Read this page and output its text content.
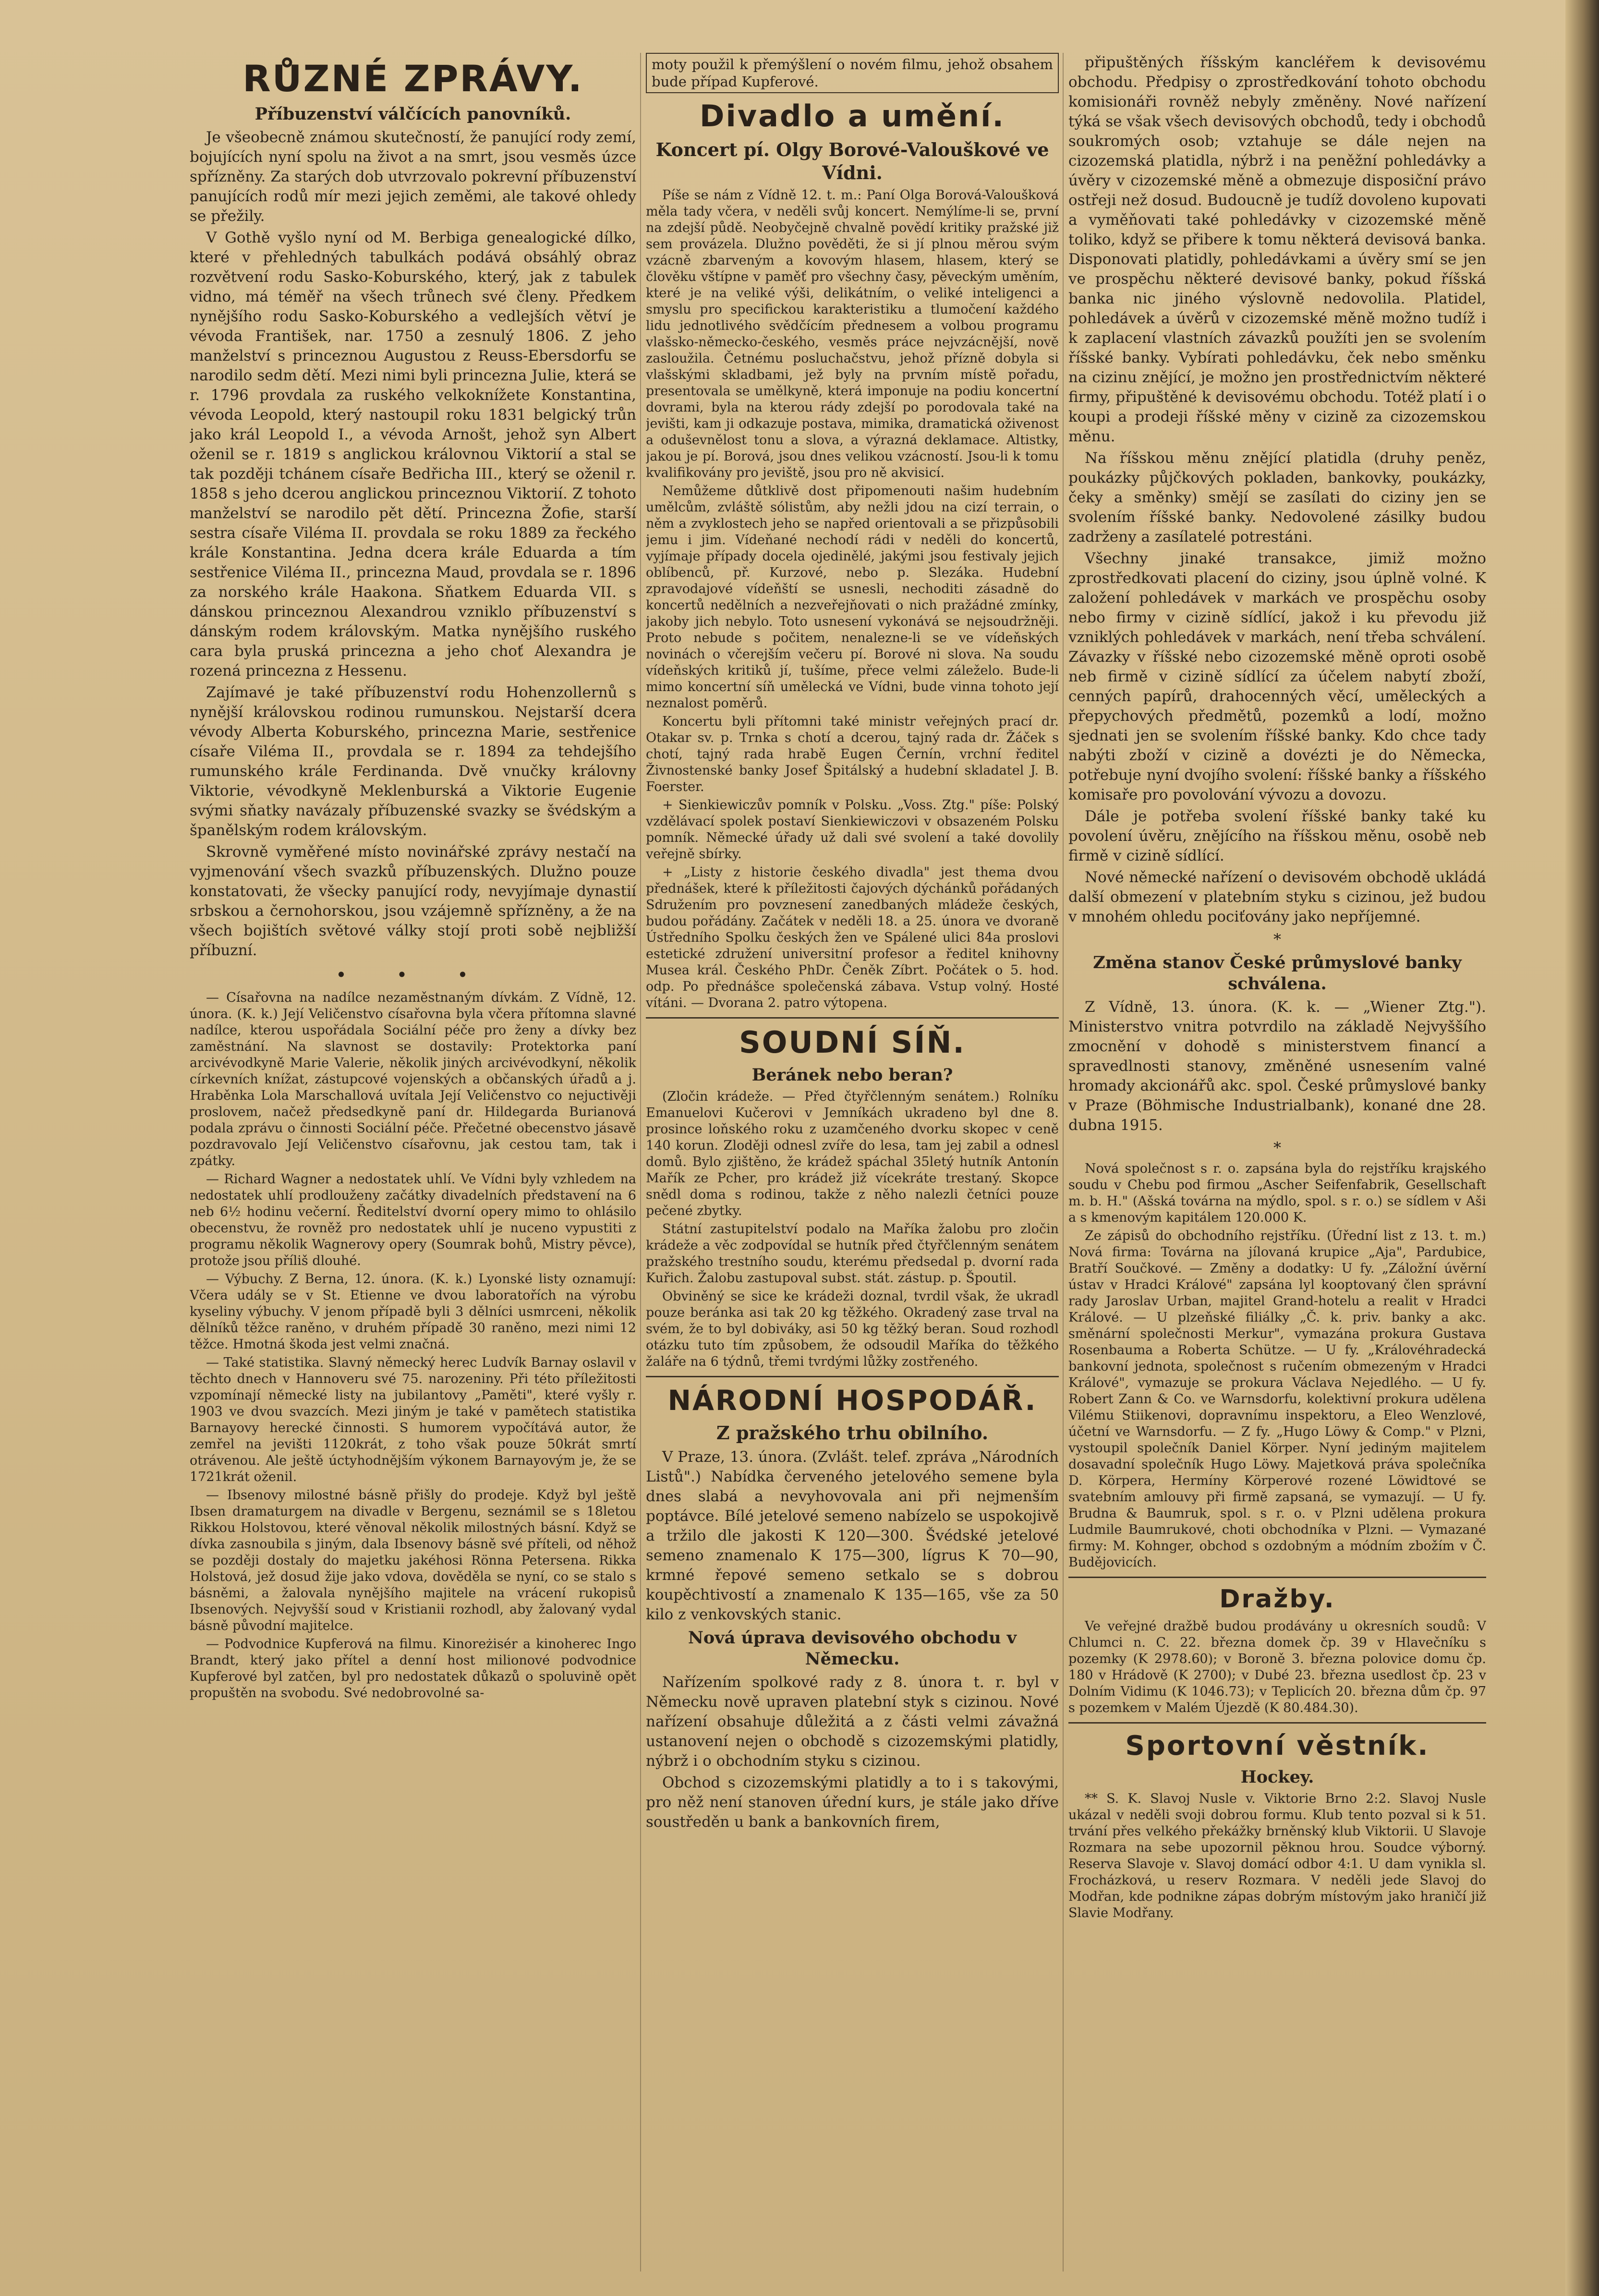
RŮZNÉ ZPRÁVY.
Příbuzenství válčících panovníků.

Je všeobecně známou skutečností, že panující rody zemí, bojujících nyní spolu na život a na smrt, jsou vesměs úzce spřízněny. Za starých dob utvrzovalo pokrevní příbuzenství panujících rodů mír mezi jejich zeměmi, ale takové ohledy se přežily.

V Gothě vyšlo nyní od M. Berbiga genealogické dílko, které v přehledných tabulkách podává obsáhlý obraz rozvětvení rodu Sasko-Koburského, který, jak z tabulek vidno, má téměř na všech trůnech své členy. Předkem nynějšího rodu Sasko-Koburského a vedlejších větví je vévoda František, nar. 1750 a zesnulý 1806. Z jeho manželství s princeznou Augustou z Reuss-Ebersdorfu se narodilo sedm dětí. Mezi nimi byli princezna Julie, která se r. 1796 provdala za ruského velkoknížete Konstantina, vévoda Leopold, který nastoupil roku 1831 belgický trůn jako král Leopold I., a vévoda Arnošt, jehož syn Albert oženil se r. 1819 s anglickou královnou Viktorií a stal se tak později tchánem císaře Bedřicha III., který se oženil r. 1858 s jeho dcerou anglickou princeznou Viktorií. Z tohoto manželství se narodilo pět dětí. Princezna Žofie, starší sestra císaře Viléma II. provdala se roku 1889 za řeckého krále Konstantina. Jedna dcera krále Eduarda a tím sestřenice Viléma II., princezna Maud, provdala se r. 1896 za norského krále Haakona. Sňatkem Eduarda VII. s dánskou princeznou Alexandrou vzniklo příbuzenství s dánským rodem královským. Matka nynějšího ruského cara byla pruská princezna a jeho choť Alexandra je rozená princezna z Hessenu.

Zajímavé je také příbuzenství rodu Hohenzollernů s nynější královskou rodinou rumunskou. Nejstarší dcera vévody Alberta Koburského, princezna Marie, sestřenice císaře Viléma II., provdala se r. 1894 za tehdejšího rumunského krále Ferdinanda. Dvě vnučky královny Viktorie, vévodkyně Meklenburská a Viktorie Eugenie svými sňatky navázaly příbuzenské svazky se švédským a španělským rodem královským.

Skrovně vyměřené místo novinářské zprávy nestačí na vyjmenování všech svazků příbuzenských. Dlužno pouze konstatovati, že všecky panující rody, nevyjímaje dynastií srbskou a černohorskou, jsou vzájemně spřízněny, a že na všech bojištích světové války stojí proti sobě nejbližší příbuzní.

• • •

— Císařovna na nadílce nezaměstnaným dívkám. Z Vídně, 12. února. (K. k.) Její Veličenstvo císařovna byla včera přítomna slavné nadílce, kterou uspořádala Sociální péče pro ženy a dívky bez zaměstnání. Na slavnost se dostavily: Protektorka paní arcivévodkyně Marie Valerie, několik jiných arcivévodkyní, několik církevních knížat, zástupcové vojenských a občanských úřadů a j. Hraběnka Lola Marschallová uvítala Její Veličenstvo co nejuctivěji proslovem, načež předsedkyně paní dr. Hildegarda Burianová podala zprávu o činnosti Sociální péče. Přečetné obecenstvo jásavě pozdravovalo Její Veličenstvo císařovnu, jak cestou tam, tak i zpátky.

— Richard Wagner a nedostatek uhlí. Ve Vídni byly vzhledem na nedostatek uhlí prodlouženy začátky divadelních představení na 6 neb 6½ hodinu večerní. Ředitelství dvorní opery mimo to ohlásilo obecenstvu, že rovněž pro nedostatek uhlí je nuceno vypustiti z programu několik Wagnerovy opery (Soumrak bohů, Mistry pěvce), protože jsou příliš dlouhé.

— Výbuchy. Z Berna, 12. února. (K. k.) Lyonské listy oznamují: Včera udály se v St. Etienne ve dvou laboratořích na výrobu kyseliny výbuchy. V jenom případě byli 3 dělníci usmrceni, několik dělníků těžce raněno, v druhém případě 30 raněno, mezi nimi 12 těžce. Hmotná škoda jest velmi značná.

— Také statistika. Slavný německý herec Ludvík Barnay oslavil v těchto dnech v Hannoveru své 75. narozeniny. Při této příležitosti vzpomínají německé listy na jubilantovy „Paměti", které vyšly r. 1903 ve dvou svazcích. Mezi jiným je také v pamětech statistika Barnayovy herecké činnosti. S humorem vypočítává autor, že zemřel na jevišti 1120krát, z toho však pouze 50krát smrtí otrávenou. Ale ještě úctyhodnějším výkonem Barnayovým je, že se 1721krát oženil.

— Ibsenovy milostné básně přišly do prodeje. Když byl ještě Ibsen dramaturgem na divadle v Bergenu, seznámil se s 18letou Rikkou Holstovou, které věnoval několik milostných básní. Když se dívka zasnoubila s jiným, dala Ibsenovy básně své příteli, od něhož se později dostaly do majetku jakéhosi Rönna Petersena. Rikka Holstová, jež dosud žije jako vdova, dověděla se nyní, co se stalo s básněmi, a žalovala nynějšího majitele na vrácení rukopisů Ibsenových. Nejvyšší soud v Kristianii rozhodl, aby žalovaný vydal básně původní majitelce.

— Podvodnice Kupferová na filmu. Kinoreżisér a kinoherec Ingo Brandt, který jako přítel a denní host milionové podvodnice Kupferové byl zatčen, byl pro nedostatek důkazů o spoluvině opět propuštěn na svobodu. Své nedobrovolné sa-

moty použil k přemýšlení o novém filmu, jehož obsahem bude případ Kupferové.
Divadlo a umění.
Koncert pí. Olgy Borové-Valouškové ve Vídni.

Píše se nám z Vídně 12. t. m.: Paní Olga Borová-Valoušková měla tady včera, v neděli svůj koncert. Nemýlíme-li se, první na zdejší půdě. Neobyčejně chvalně povědí kritiky pražské již sem provázela. Dlužno pověděti, že si jí plnou měrou svým vzácně zbarveným a kovovým hlasem, hlasem, který se člověku vštípne v paměť pro všechny časy, pěveckým uměním, které je na veliké výši, delikátním, o veliké inteligenci a smyslu pro specifickou karakteristiku a tlumočení každého lidu jednotlivého svědčícím přednesem a volbou programu vlašsko-německo-českého, vesměs práce nejvzácnější, nově zasloužila. Četnému posluchačstvu, jehož přízně dobyla si vlašskými skladbami, jež byly na prvním místě pořadu, presentovala se umělkyně, která imponuje na podiu koncertní dovrami, byla na kterou rády zdejší po porodovala také na jevišti, kam ji odkazuje postava, mimika, dramatická oživenost a oduševnělost tonu a slova, a výrazná deklamace. Altistky, jakou je pí. Borová, jsou dnes velikou vzácností. Jsou-li k tomu kvalifikovány pro jeviště, jsou pro ně akvisicí.

Nemůžeme důtklivě dost připomenouti našim hudebním umělcům, zvláště sólistům, aby nežli jdou na cizí terrain, o něm a zvyklostech jeho se napřed orientovali a se přizpůsobili jemu i jim. Vídeňané nechodí rádi v neděli do koncertů, vyjímaje případy docela ojedinělé, jakými jsou festivaly jejich oblíbenců, př. Kurzové, nebo p. Slezáka. Hudební zpravodajové vídeňští se usnesli, nechoditi zásadně do koncertů nedělních a nezveřejňovati o nich pražádné zmínky, jakoby jich nebylo. Toto usnesení vykonává se nejsoudržněji. Proto nebude s počitem, nenalezne-li se ve vídeňských novinách o včerejším večeru pí. Borové ni slova. Na soudu vídeňských kritiků jí, tušíme, přece velmi záleželo. Bude-li mimo koncertní síň umělecká ve Vídni, bude vinna tohoto její neznalost poměrů.

Koncertu byli přítomni také ministr veřejných prací dr. Otakar sv. p. Trnka s chotí a dcerou, tajný rada dr. Žáček s chotí, tajný rada hrabě Eugen Černín, vrchní ředitel Živnostenské banky Josef Špitálský a hudební skladatel J. B. Foerster.

+ Sienkiewiczův pomník v Polsku. „Voss. Ztg." píše: Polský vzdělávací spolek postaví Sienkiewiczovi v obsazeném Polsku pomník. Německé úřady už dali své svolení a také dovolily veřejně sbírky.

+ „Listy z historie českého divadla" jest thema dvou přednášek, které k příležitosti čajových dýchánků pořádaných Sdružením pro povznesení zanedbaných mládeže českých, budou pořádány. Začátek v neděli 18. a 25. února ve dvoraně Ústředního Spolku českých žen ve Spálené ulici 84a proslovi estetické združení universitní profesor a ředitel knihovny Musea král. Českého PhDr. Čeněk Zíbrt. Počátek o 5. hod. odp. Po přednášce společenská zábava. Vstup volný. Hosté vítáni. — Dvorana 2. patro výtopena.

SOUDNÍ SÍŇ.
Beránek nebo beran?

(Zločin krádeže. — Před čtyřčlenným senátem.) Rolníku Emanuelovi Kučerovi v Jemníkách ukradeno byl dne 8. prosince loňského roku z uzamčeného dvorku skopec v ceně 140 korun. Zloději odnesl zvíře do lesa, tam jej zabil a odnesl domů. Bylo zjištěno, že krádež spáchal 35letý hutník Antonín Mařík ze Pcher, pro krádež již vícekráte trestaný. Skopce snědl doma s rodinou, takže z něho nalezli četníci pouze pečené zbytky.

Státní zastupitelství podalo na Maříka žalobu pro zločin krádeže a věc zodpovídal se hutník před čtyřčlenným senátem pražského trestního soudu, kterému předsedal p. dvorní rada Kuřich. Žalobu zastupoval subst. stát. zástup. p. Špoutil.

Obviněný se sice ke krádeži doznal, tvrdil však, že ukradl pouze beránka asi tak 20 kg těžkého. Okradený zase trval na svém, že to byl dobiváky, asi 50 kg těžký beran. Soud rozhodl otázku tuto tím způsobem, že odsoudil Maříka do těžkého žaláře na 6 týdnů, třemi tvrdými lůžky zostřeného.

NÁRODNÍ HOSPODÁŘ.
Z pražského trhu obilního.

V Praze, 13. února. (Zvlášt. telef. zpráva „Národních Listů".) Nabídka červeného jetelového semene byla dnes slabá a nevyhovovala ani při nejmenším poptávce. Bílé jetelové semeno nabízelo se uspokojivě a tržilo dle jakosti K 120—300. Švédské jetelové semeno znamenalo K 175—300, lígrus K 70—90, krmné řepové semeno setkalo se s dobrou koupěchtivostí a znamenalo K 135—165, vše za 50 kilo z venkovských stanic.

Nová úprava devisového obchodu v Německu.

Nařízením spolkové rady z 8. února t. r. byl v Německu nově upraven platební styk s cizinou. Nové nařízení obsahuje důležitá a z části velmi závažná ustanovení nejen o obchodě s cizozemskými platidly, nýbrž i o obchodním styku s cizinou.

Obchod s cizozemskými platidly a to i s takovými, pro něž není stanoven úřední kurs, je stále jako dříve soustředěn u bank a bankovních firem,

připuštěných říšským kancléřem k devisovému obchodu. Předpisy o zprostředkování tohoto obchodu komisionáři rovněž nebyly změněny. Nové nařízení týká se však všech devisových obchodů, tedy i obchodů soukromých osob; vztahuje se dále nejen na cizozemská platidla, nýbrž i na peněžní pohledávky a úvěry v cizozemské měně a obmezuje disposiční právo ostřeji než dosud. Budoucně je tudíž dovoleno kupovati a vyměňovati také pohledávky v cizozemské měně toliko, když se přibere k tomu některá devisová banka. Disponovati platidly, pohledávkami a úvěry smí se jen ve prospěchu některé devisové banky, pokud říšská banka nic jiného výslovně nedovolila. Platidel, pohledávek a úvěrů v cizozemské měně možno tudíž i k zaplacení vlastních závazků použíti jen se svolením říšské banky. Vybírati pohledávku, ček nebo směnku na cizinu znějící, je možno jen prostřednictvím některé firmy, připuštěné k devisovému obchodu. Totéž platí i o koupi a prodeji říšské měny v cizině za cizozemskou měnu.

Na říšskou měnu znějící platidla (druhy peněz, poukázky půjčkových pokladen, bankovky, poukázky, čeky a směnky) smějí se zasílati do ciziny jen se svolením říšské banky. Nedovolené zásilky budou zadrženy a zasílatelé potrestáni.

Všechny jinaké transakce, jimiž možno zprostředkovati placení do ciziny, jsou úplně volné. K založení pohledávek v markách ve prospěchu osoby nebo firmy v cizině sídlící, jakož i ku převodu již vzniklých pohledávek v markách, není třeba schválení. Závazky v říšské nebo cizozemské měně oproti osobě neb firmě v cizině sídlící za účelem nabytí zboží, cenných papírů, drahocenných věcí, uměleckých a přepychových předmětů, pozemků a lodí, možno sjednati jen se svolením říšské banky. Kdo chce tady nabýti zboží v cizině a dovézti je do Německa, potřebuje nyní dvojího svolení: říšské banky a říšského komisaře pro povolování vývozu a dovozu.

Dále je potřeba svolení říšské banky také ku povolení úvěru, znějícího na říšskou měnu, osobě neb firmě v cizině sídlící.

Nové německé nařízení o devisovém obchodě ukládá další obmezení v platebním styku s cizinou, jež budou v mnohém ohledu pociťovány jako nepříjemné.

*
Změna stanov České průmyslové banky schválena.

Z Vídně, 13. února. (K. k. — „Wiener Ztg."). Ministerstvo vnitra potvrdilo na základě Nejvyššího zmocnění v dohodě s ministerstvem financí a spravedlnosti stanovy, změněné usnesením valné hromady akcionářů akc. spol. České průmyslové banky v Praze (Böhmische Industrialbank), konané dne 28. dubna 1915.

*

Nová společnost s r. o. zapsána byla do rejstříku krajského soudu v Chebu pod firmou „Ascher Seifenfabrik, Gesellschaft m. b. H." (Ašská továrna na mýdlo, spol. s r. o.) se sídlem v Aši a s kmenovým kapitálem 120.000 K.

Ze zápisů do obchodního rejstříku. (Úřední list z 13. t. m.) Nová firma: Továrna na jílovaná krupice „Aja", Pardubice, Bratří Součkové. — Změny a dodatky: U fy. „Záložní úvěrní ústav v Hradci Králové" zapsána lyl kooptovaný člen správní rady Jaroslav Urban, majitel Grand-hotelu a realit v Hradci Králové. — U plzeňské filiálky „Č. k. priv. banky a akc. směnární společnosti Merkur", vymazána prokura Gustava Rosenbauma a Roberta Schütze. — U fy. „Královéhradecká bankovní jednota, společnost s ručením obmezeným v Hradci Králové", vymazuje se prokura Václava Nejedlého. — U fy. Robert Zann & Co. ve Warnsdorfu, kolektivní prokura udělena Vilému Stiikenovi, dopravnímu inspektoru, a Eleo Wenzlové, účetní ve Warnsdorfu. — Z fy. „Hugo Löwy & Comp." v Plzni, vystoupil společník Daniel Körper. Nyní jediným majitelem dosavadní společník Hugo Löwy. Majetková práva společníka D. Körpera, Hermíny Körperové rozené Löwidtové se svatebním amlouvy při firmě zapsaná, se vymazují. — U fy. Brudna & Baumruk, spol. s r. o. v Plzni udělena prokura Ludmile Baumrukové, choti obchodníka v Plzni. — Vymazané firmy: M. Kohnger, obchod s ozdobným a módním zbožím v Č. Budějovicích.

Dražby.

Ve veřejné dražbě budou prodávány u okresních soudů: V Chlumci n. C. 22. března domek čp. 39 v Hlavečníku s pozemky (K 2978.60); v Boroně 3. března polovice domu čp. 180 v Hrádově (K 2700); v Dubé 23. března usedlost čp. 23 v Dolním Vidimu (K 1046.73); v Teplicích 20. března dům čp. 97 s pozemkem v Malém Újezdě (K 80.484.30).

Sportovní věstník.
Hockey.

** S. K. Slavoj Nusle v. Viktorie Brno 2:2. Slavoj Nusle ukázal v neděli svoji dobrou formu. Klub tento pozval si k 51. trvání přes velkého překážky brněnský klub Viktorii. U Slavoje Rozmara na sebe upozornil pěknou hrou. Soudce výborný. Reserva Slavoje v. Slavoj domácí odbor 4:1. U dam vynikla sl. Frocházková, u reserv Rozmara. V neděli jede Slavoj do Modřan, kde podnikne zápas dobrým místovým jako hraničí již Slavie Modřany.
